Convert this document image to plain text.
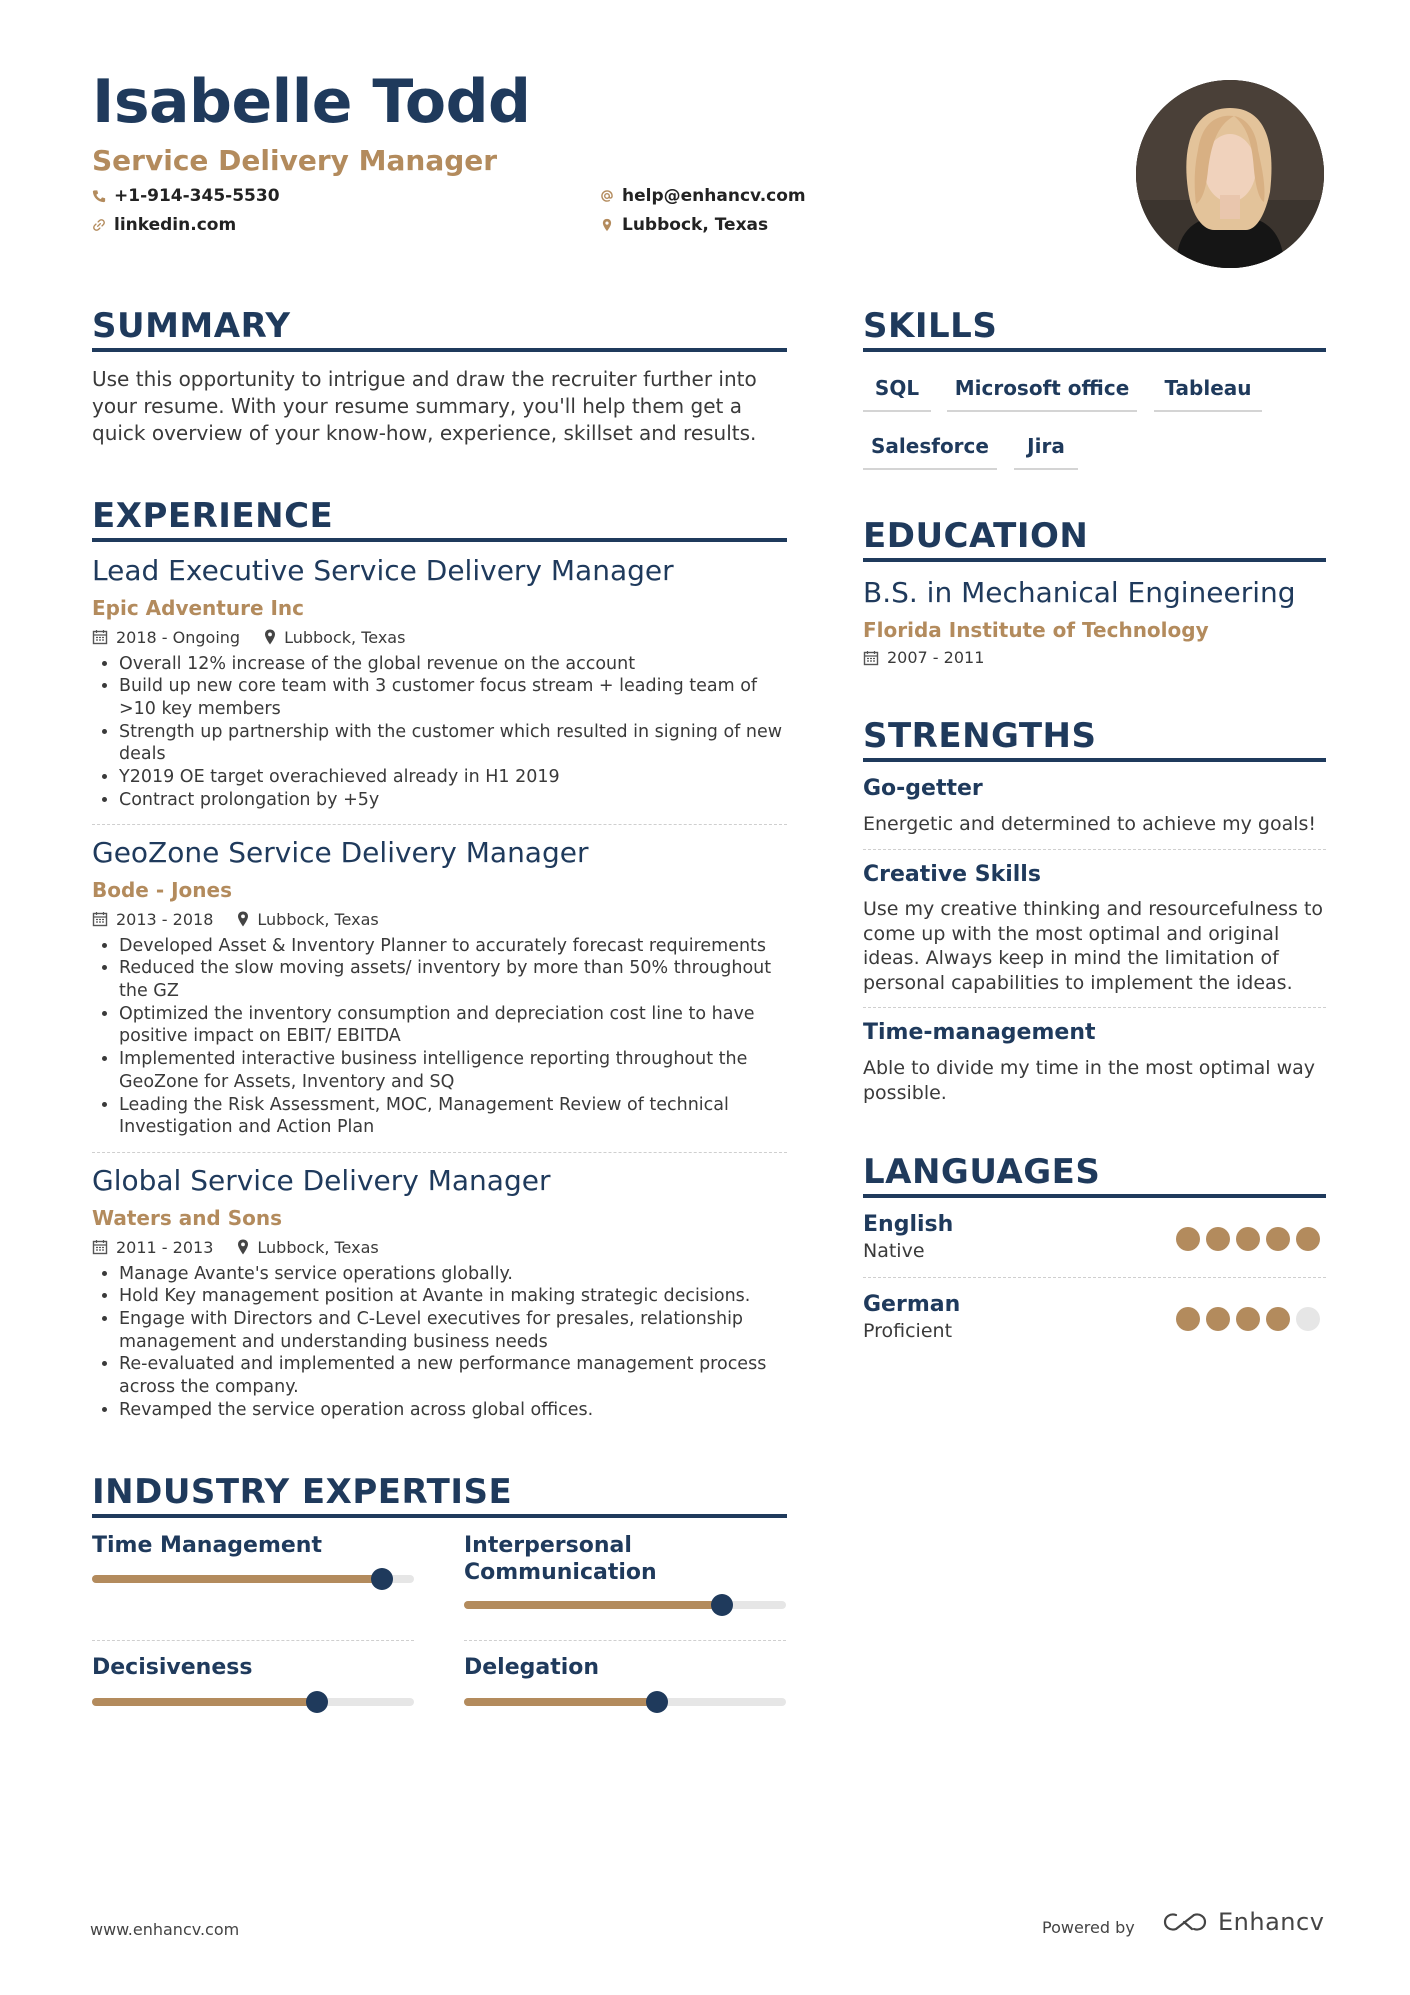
Isabelle Todd
Service Delivery Manager
+1-914-345-5530
linkedin.com
help@enhancv.com
Lubbock, Texas
SUMMARY
Use this opportunity to intrigue and draw the recruiter further into your resume. With your resume summary, you'll help them get a quick overview of your know-how, experience, skillset and results.
EXPERIENCE
Lead Executive Service Delivery Manager
Epic Adventure Inc
2018 - Ongoing	Lubbock, Texas
• Overall 12% increase of the global revenue on the account
• Build up new core team with 3 customer focus stream + leading team of >10 key members
• Strength up partnership with the customer which resulted in signing of new deals
• Y2019 OE target overachieved already in H1 2019
• Contract prolongation by +5y
GeoZone Service Delivery Manager
Bode - Jones
2013 - 2018	Lubbock, Texas
• Developed Asset & Inventory Planner to accurately forecast requirements
• Reduced the slow moving assets/ inventory by more than 50% throughout the GZ
• Optimized the inventory consumption and depreciation cost line to have positive impact on EBIT/ EBITDA
• Implemented interactive business intelligence reporting throughout the GeoZone for Assets, Inventory and SQ
• Leading the Risk Assessment, MOC, Management Review of technical Investigation and Action Plan
Global Service Delivery Manager
Waters and Sons
2011 - 2013	Lubbock, Texas
• Manage Avante's service operations globally.
• Hold Key management position at Avante in making strategic decisions.
• Engage with Directors and C-Level executives for presales, relationship management and understanding business needs
• Re-evaluated and implemented a new performance management process across the company.
• Revamped the service operation across global offices.
INDUSTRY EXPERTISE
Time Management	Interpersonal Communication
Decisiveness	Delegation
SKILLS
SQL	Microsoft office	Tableau
Salesforce	Jira
EDUCATION
B.S. in Mechanical Engineering
Florida Institute of Technology
2007 - 2011
STRENGTHS
Go-getter
Energetic and determined to achieve my goals!
Creative Skills
Use my creative thinking and resourcefulness to come up with the most optimal and original ideas. Always keep in mind the limitation of personal capabilities to implement the ideas.
Time-management
Able to divide my time in the most optimal way possible.
LANGUAGES
English
Native
German
Proficient
www.enhancv.com	Powered by	Enhancv
